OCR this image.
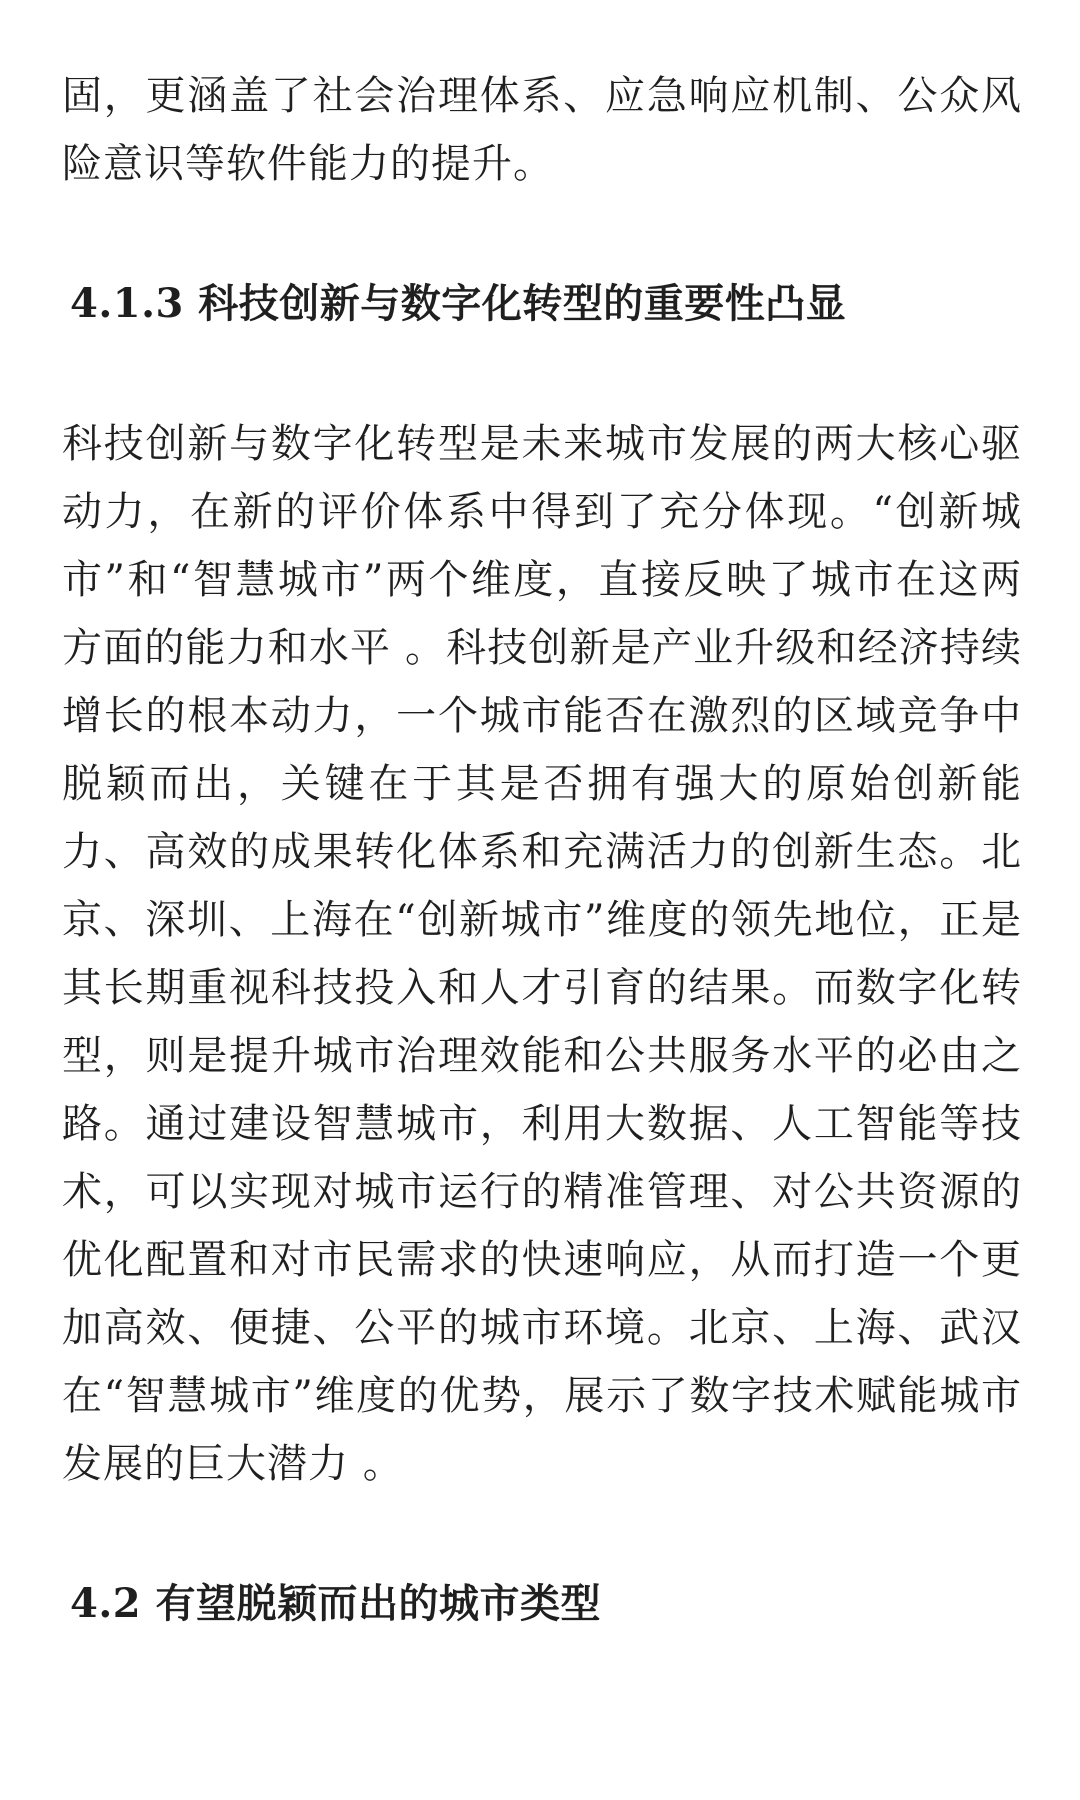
固，更涵盖了社会治理体系、应急响应机制、公众风险意识等软件能力的提升。

4.1.3 科技创新与数字化转型的重要性凸显

科技创新与数字化转型是未来城市发展的两大核心驱动力，在新的评价体系中得到了充分体现。“创新城市”和“智慧城市”两个维度，直接反映了城市在这两方面的能力和水平 。科技创新是产业升级和经济持续增长的根本动力，一个城市能否在激烈的区域竞争中脱颖而出，关键在于其是否拥有强大的原始创新能力、高效的成果转化体系和充满活力的创新生态。北京、深圳、上海在“创新城市”维度的领先地位，正是其长期重视科技投入和人才引育的结果。而数字化转型，则是提升城市治理效能和公共服务水平的必由之路。通过建设智慧城市，利用大数据、人工智能等技术，可以实现对城市运行的精准管理、对公共资源的优化配置和对市民需求的快速响应，从而打造一个更加高效、便捷、公平的城市环境。北京、上海、武汉在“智慧城市”维度的优势，展示了数字技术赋能城市发展的巨大潜力 。

4.2 有望脱颖而出的城市类型
